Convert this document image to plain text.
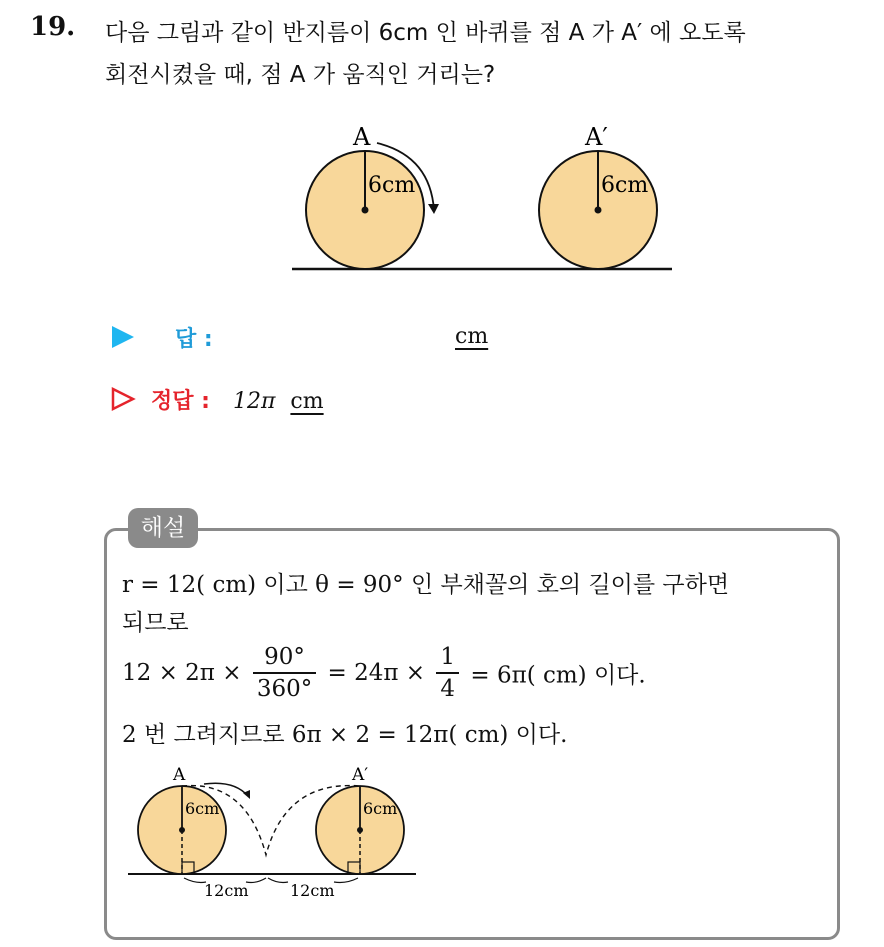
19. 다음 그림과 같이 반지름이 6cm 인 바퀴를 점 A 가 A′ 에 오도록
회전시켰을 때, 점 A 가 움직인 거리는?
A
6cm
A′
6cm
답 :	cm
정답 : 12π cm
해설
r = 12( cm) 이고 θ = 90° 인 부채꼴의 호의 길이를 구하면
되므로
$12 \times 2\pi \times \frac{90^\circ}{360^\circ} = 24\pi \times \frac{1}{4} = 6\pi$( cm) 이다.
2 번 그려지므로 6π × 2 = 12π( cm) 이다.
A
6cm
A′
6cm
12cm	12cm
